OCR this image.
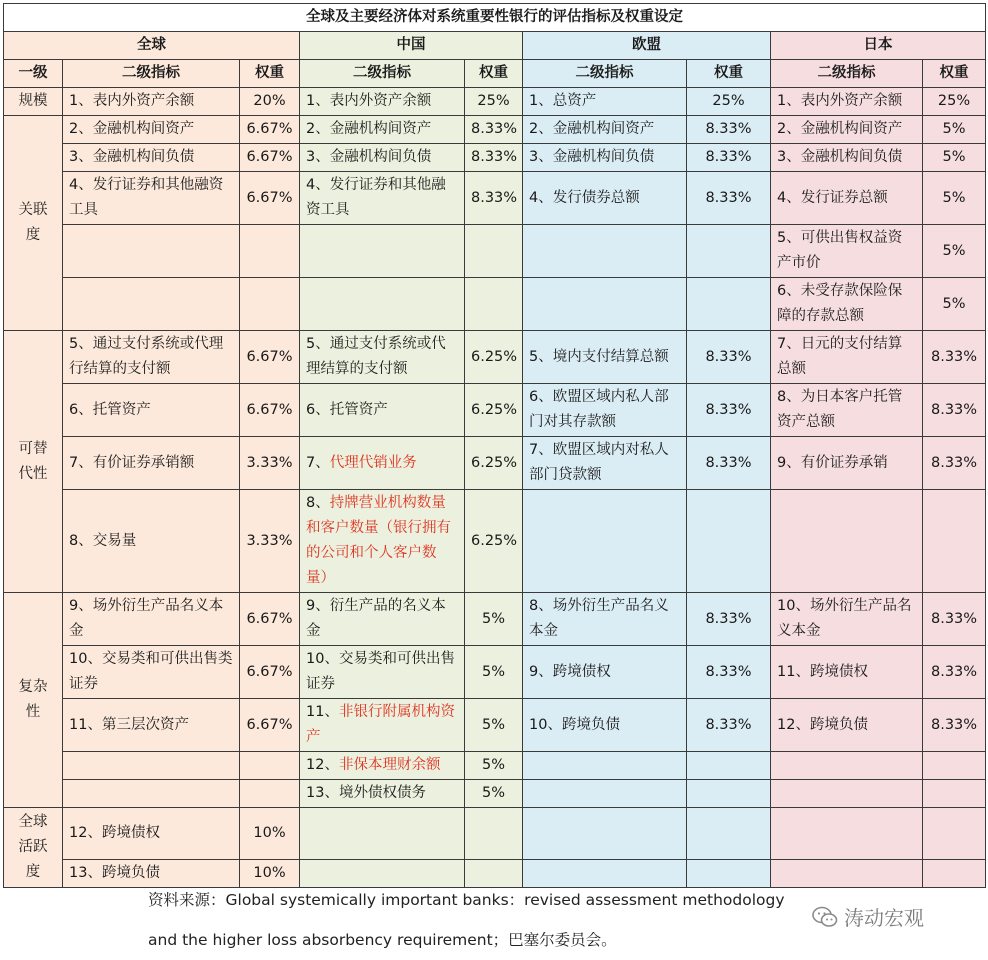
全球及主要经济体对系统重要性银行的评估指标及权重设定								
全球			中国		欧盟		日本	
一级	二级指标	权重	二级指标	权重	二级指标	权重	二级指标	权重
规模	1、表内外资产余额	20%	1、表内外资产余额	25%	1、总资产	25%	1、表内外资产余额	25%
关联度	2、金融机构间资产	6.67%	2、金融机构间资产	8.33%	2、金融机构间资产	8.33%	2、金融机构间资产	5%
	3、金融机构间负债	6.67%	3、金融机构间负债	8.33%	3、金融机构间负债	8.33%	3、金融机构间负债	5%
	4、发行证券和其他融资工具	6.67%	4、发行证券和其他融资工具	8.33%	4、发行债券总额	8.33%	4、发行证券总额	5%
							5、可供出售权益资产市价	5%
							6、未受存款保险保障的存款总额	5%
可替代性	5、通过支付系统或代理行结算的支付额	6.67%	5、通过支付系统或代理结算的支付额	6.25%	5、境内支付结算总额	8.33%	7、日元的支付结算总额	8.33%
	6、托管资产	6.67%	6、托管资产	6.25%	6、欧盟区域内私人部门对其存款额	8.33%	8、为日本客户托管资产总额	8.33%
	7、有价证券承销额	3.33%	7、代理代销业务	6.25%	7、欧盟区域内对私人部门贷款额	8.33%	9、有价证券承销	8.33%
	8、交易量	3.33%	8、持牌营业机构数量和客户数量（银行拥有的公司和个人客户数量）	6.25%				
复杂性	9、场外衍生产品名义本金	6.67%	9、衍生产品的名义本金	5%	8、场外衍生产品名义本金	8.33%	10、场外衍生产品名义本金	8.33%
	10、交易类和可供出售类证券	6.67%	10、交易类和可供出售证券	5%	9、跨境债权	8.33%	11、跨境债权	8.33%
	11、第三层次资产	6.67%	11、非银行附属机构资产	5%	10、跨境负债	8.33%	12、跨境负债	8.33%
			12、非保本理财余额	5%				
			13、境外债权债务	5%				
全球活跃度	12、跨境债权	10%						
	13、跨境负债	10%						
资料来源：Global systemically important banks：revised assessment methodology
and the higher loss absorbency requirement；巴塞尔委员会。
涛动宏观
